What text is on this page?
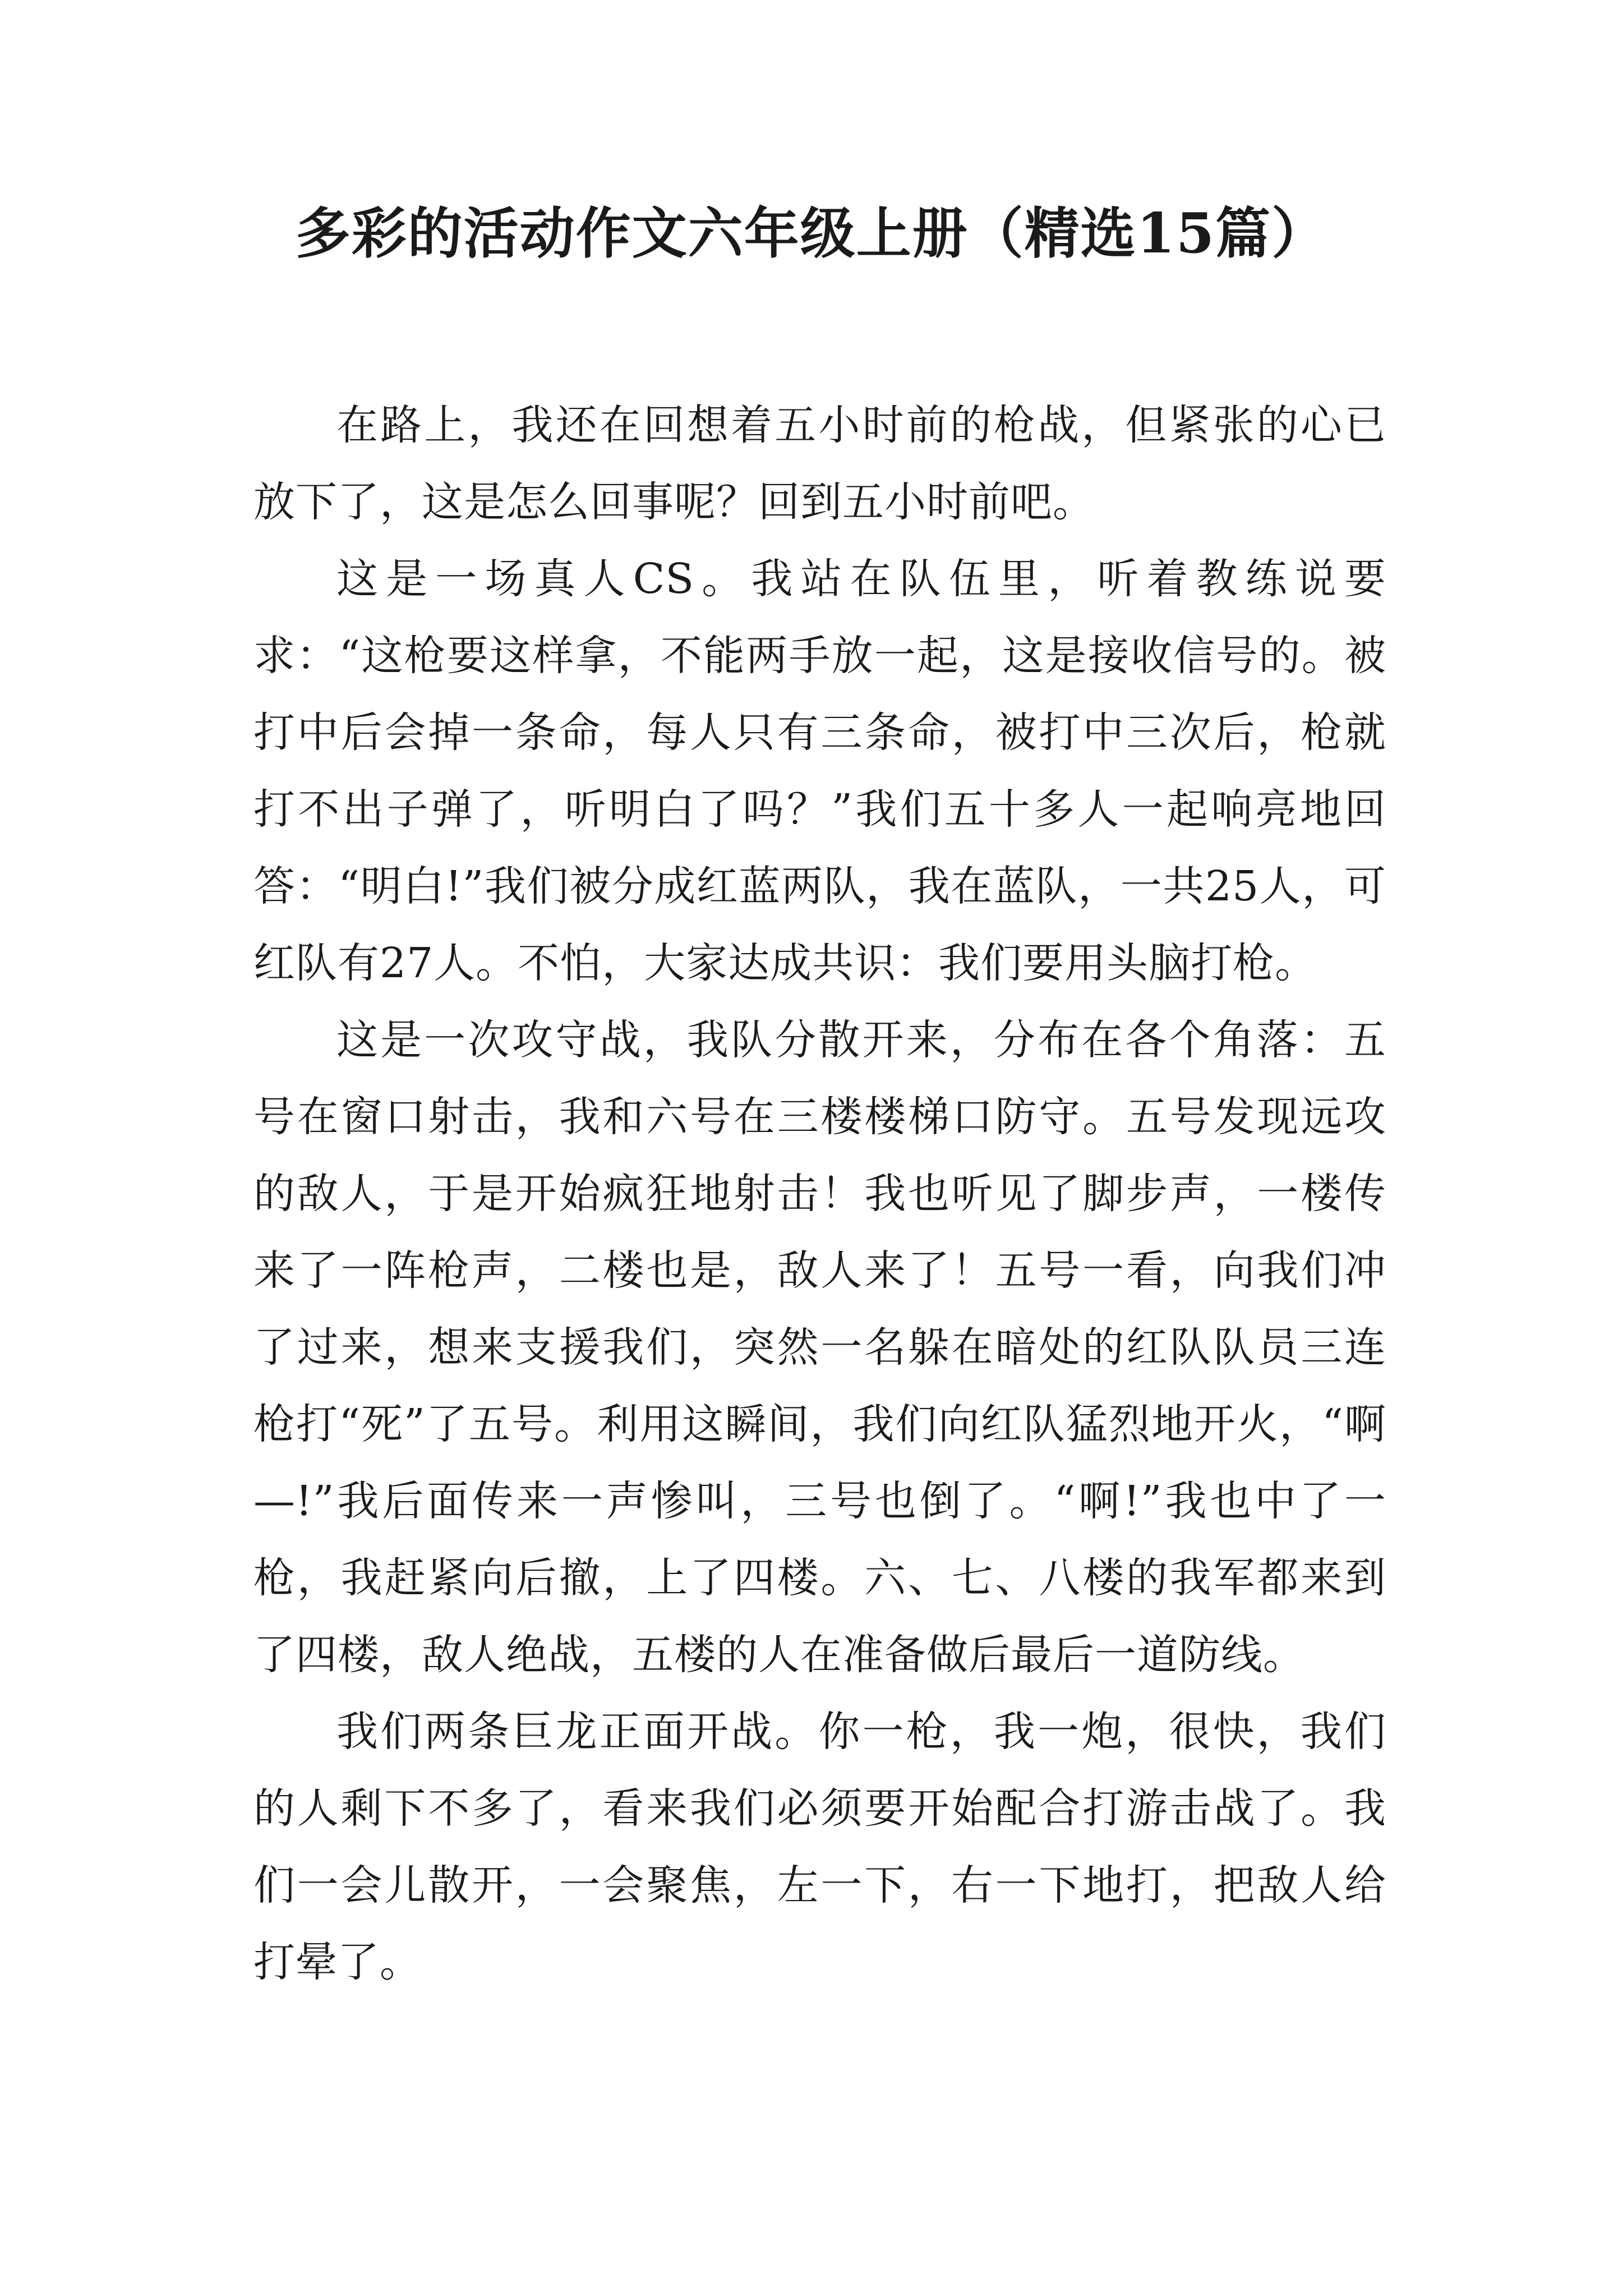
多彩的活动作文六年级上册（精选15篇）

在路上，我还在回想着五小时前的枪战，但紧张的心已放下了，这是怎么回事呢？回到五小时前吧。

这是一场真人CS。我站在队伍里，听着教练说要求：“这枪要这样拿，不能两手放一起，这是接收信号的。被打中后会掉一条命，每人只有三条命，被打中三次后，枪就打不出子弹了，听明白了吗？”我们五十多人一起响亮地回答：“明白!”我们被分成红蓝两队，我在蓝队，一共25人，可红队有27人。不怕，大家达成共识：我们要用头脑打枪。

这是一次攻守战，我队分散开来，分布在各个角落：五号在窗口射击，我和六号在三楼楼梯口防守。五号发现远攻的敌人，于是开始疯狂地射击！我也听见了脚步声，一楼传来了一阵枪声，二楼也是，敌人来了！五号一看，向我们冲了过来，想来支援我们，突然一名躲在暗处的红队队员三连枪打“死”了五号。利用这瞬间，我们向红队猛烈地开火，“啊—!”我后面传来一声惨叫，三号也倒了。“啊!”我也中了一枪，我赶紧向后撤，上了四楼。六、七、八楼的我军都来到了四楼，敌人绝战，五楼的人在准备做后最后一道防线。

我们两条巨龙正面开战。你一枪，我一炮，很快，我们的人剩下不多了，看来我们必须要开始配合打游击战了。我们一会儿散开，一会聚焦，左一下，右一下地打，把敌人给打晕了。
